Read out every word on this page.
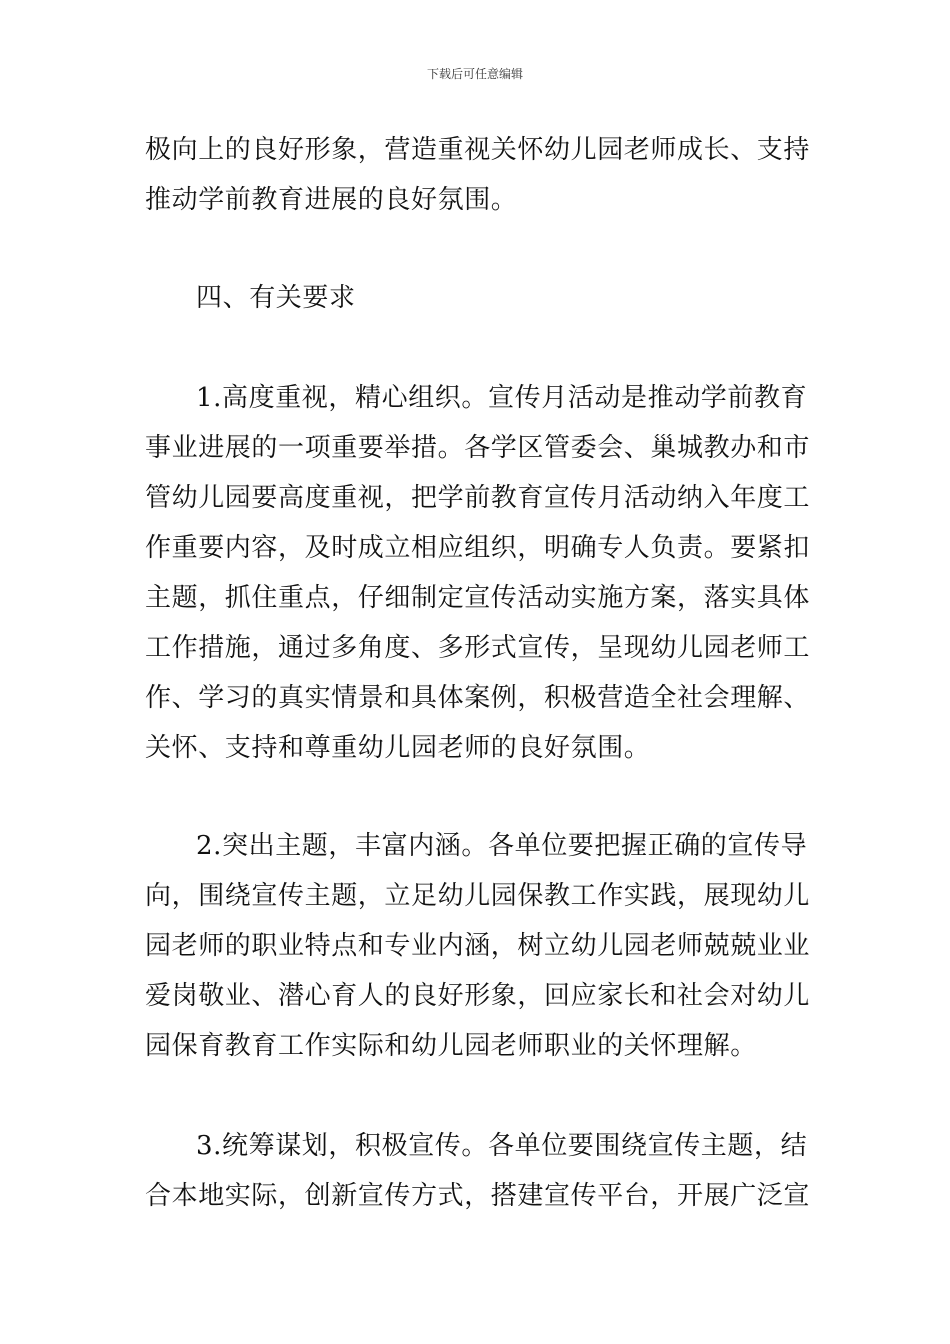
下载后可任意编辑
极向上的良好形象，营造重视关怀幼儿园老师成长、支持
推动学前教育进展的良好氛围。
四、有关要求
1.高度重视，精心组织。宣传月活动是推动学前教育
事业进展的一项重要举措。各学区管委会、巢城教办和市
管幼儿园要高度重视，把学前教育宣传月活动纳入年度工
作重要内容，及时成立相应组织，明确专人负责。要紧扣
主题，抓住重点，仔细制定宣传活动实施方案，落实具体
工作措施，通过多角度、多形式宣传，呈现幼儿园老师工
作、学习的真实情景和具体案例，积极营造全社会理解、
关怀、支持和尊重幼儿园老师的良好氛围。
2.突出主题，丰富内涵。各单位要把握正确的宣传导
向，围绕宣传主题，立足幼儿园保教工作实践，展现幼儿
园老师的职业特点和专业内涵，树立幼儿园老师兢兢业业
爱岗敬业、潜心育人的良好形象，回应家长和社会对幼儿
园保育教育工作实际和幼儿园老师职业的关怀理解。
3.统筹谋划，积极宣传。各单位要围绕宣传主题，结
合本地实际，创新宣传方式，搭建宣传平台，开展广泛宣
